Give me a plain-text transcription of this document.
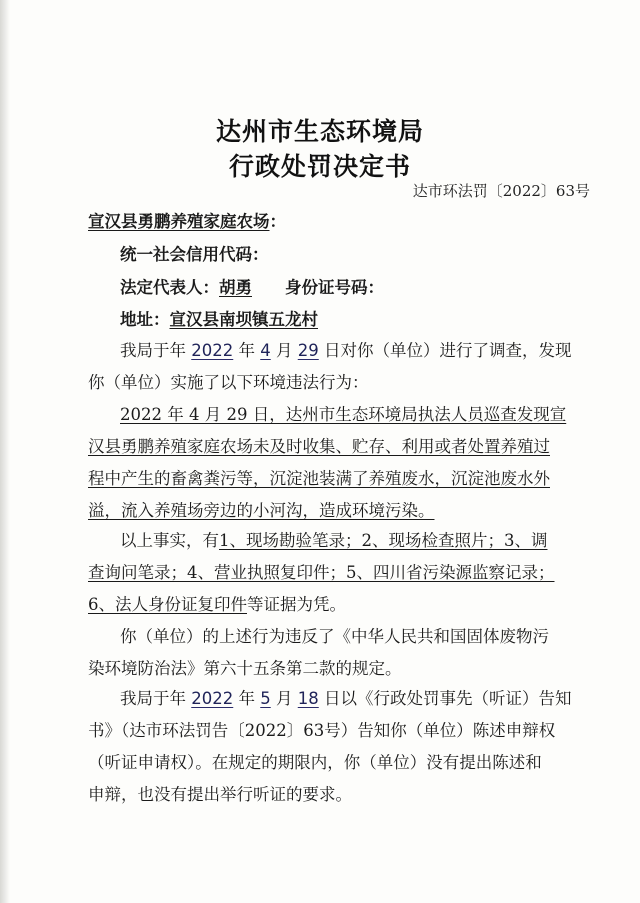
达州市生态环境局
行政处罚决定书
达市环法罚〔2022〕63号
宣汉县勇鹏养殖家庭农场：
统一社会信用代码：
法定代表人：胡勇	身份证号码：
地址：宣汉县南坝镇五龙村
我局于年 2022 年 4 月 29 日对你（单位）进行了调查，发现
你（单位）实施了以下环境违法行为：
2022 年 4 月 29 日，达州市生态环境局执法人员巡查发现宣
汉县勇鹏养殖家庭农场未及时收集、贮存、利用或者处置养殖过
程中产生的畜禽粪污等，沉淀池装满了养殖废水，沉淀池废水外
溢，流入养殖场旁边的小河沟，造成环境污染。
以上事实，有1、现场勘验笔录；2、现场检查照片；3、调
查询问笔录；4、营业执照复印件；5、四川省污染源监察记录；
6、法人身份证复印件等证据为凭。
你（单位）的上述行为违反了《中华人民共和国固体废物污
染环境防治法》第六十五条第二款的规定。
我局于年 2022 年 5 月 18 日以《行政处罚事先（听证）告知
书》（达市环法罚告〔2022〕63号）告知你（单位）陈述申辩权
（听证申请权）。在规定的期限内，你（单位）没有提出陈述和
申辩，也没有提出举行听证的要求。
